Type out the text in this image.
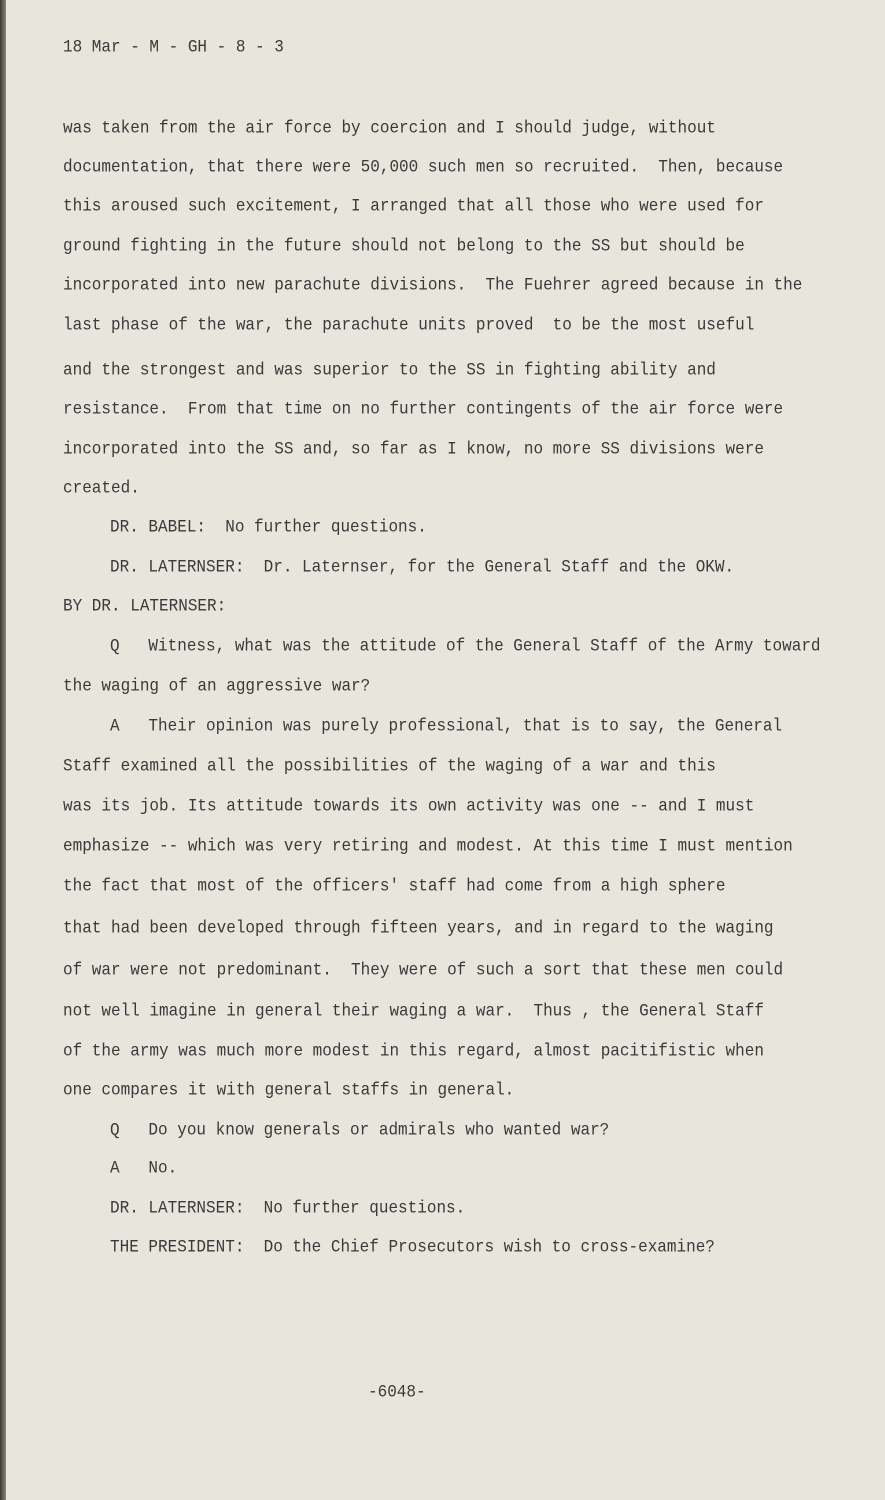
18 Mar - M - GH - 8 - 3
was taken from the air force by coercion and I should judge, without
documentation, that there were 50,000 such men so recruited.  Then, because
this aroused such excitement, I arranged that all those who were used for
ground fighting in the future should not belong to the SS but should be
incorporated into new parachute divisions.  The Fuehrer agreed because in the
last phase of the war, the parachute units proved  to be the most useful
and the strongest and was superior to the SS in fighting ability and
resistance.  From that time on no further contingents of the air force were
incorporated into the SS and, so far as I know, no more SS divisions were
created.
DR. BABEL:  No further questions.
DR. LATERNSER:  Dr. Laternser, for the General Staff and the OKW.
BY DR. LATERNSER:
Q   Witness, what was the attitude of the General Staff of the Army toward
the waging of an aggressive war?
A   Their opinion was purely professional, that is to say, the General
Staff examined all the possibilities of the waging of a war and this
was its job. Its attitude towards its own activity was one -- and I must
emphasize -- which was very retiring and modest. At this time I must mention
the fact that most of the officers' staff had come from a high sphere
that had been developed through fifteen years, and in regard to the waging
of war were not predominant.  They were of such a sort that these men could
not well imagine in general their waging a war.  Thus , the General Staff
of the army was much more modest in this regard, almost pacitifistic when
one compares it with general staffs in general.
Q   Do you know generals or admirals who wanted war?
A   No.
DR. LATERNSER:  No further questions.
THE PRESIDENT:  Do the Chief Prosecutors wish to cross-examine?
-6048-
